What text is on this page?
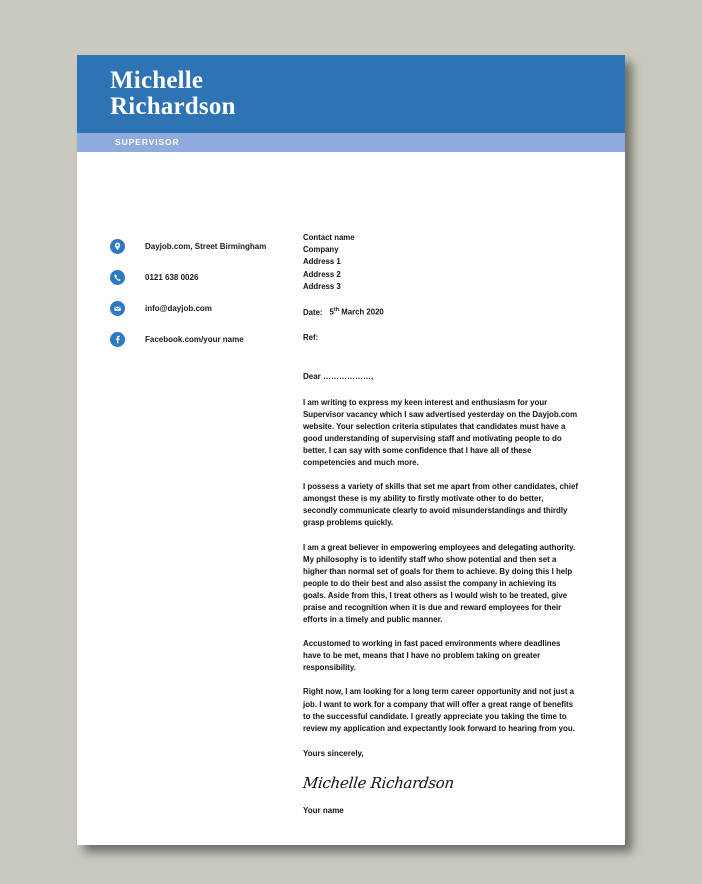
Michelle
Richardson
SUPERVISOR
Dayjob.com, Street Birmingham
0121 638 0026
info@dayjob.com
Facebook.com/your name
Contact name
Company
Address 1
Address 2
Address 3
Date: 5th March 2020
Ref:
Dear ………………,

I am writing to express my keen interest and enthusiasm for your Supervisor vacancy which I saw advertised yesterday on the Dayjob.com website. Your selection criteria stipulates that candidates must have a good understanding of supervising staff and motivating people to do better. I can say with some confidence that I have all of these competencies and much more.

I possess a variety of skills that set me apart from other candidates, chief amongst these is my ability to firstly motivate other to do better, secondly communicate clearly to avoid misunderstandings and thirdly grasp problems quickly.

I am a great believer in empowering employees and delegating authority. My philosophy is to identify staff who show potential and then set a higher than normal set of goals for them to achieve. By doing this I help people to do their best and also assist the company in achieving its goals. Aside from this, I treat others as I would wish to be treated, give praise and recognition when it is due and reward employees for their efforts in a timely and public manner.

Accustomed to working in fast paced environments where deadlines have to be met, means that I have no problem taking on greater responsibility.

Right now, I am looking for a long term career opportunity and not just a job. I want to work for a company that will offer a great range of benefits to the successful candidate. I greatly appreciate you taking the time to review my application and expectantly look forward to hearing from you.

Yours sincerely,
Michelle Richardson
Your name
